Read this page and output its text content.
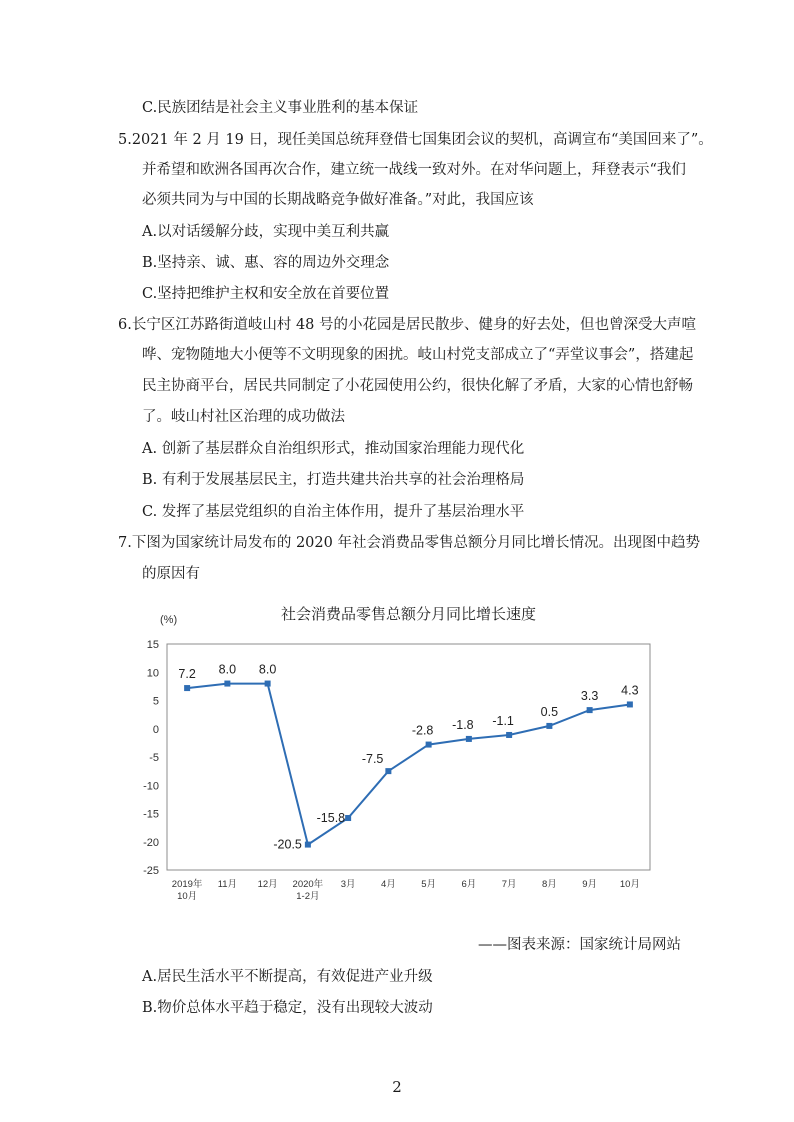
C.民族团结是社会主义事业胜利的基本保证
5.2021 年 2 月 19 日，现任美国总统拜登借七国集团会议的契机，高调宣布“美国回来了”。
并希望和欧洲各国再次合作，建立统一战线一致对外。在对华问题上，拜登表示“我们
必须共同为与中国的长期战略竞争做好准备。”对此，我国应该
A.以对话缓解分歧，实现中美互利共赢
B.坚持亲、诚、惠、容的周边外交理念
C.坚持把维护主权和安全放在首要位置
6.长宁区江苏路街道岐山村 48 号的小花园是居民散步、健身的好去处，但也曾深受大声喧
哗、宠物随地大小便等不文明现象的困扰。岐山村党支部成立了“弄堂议事会”，搭建起
民主协商平台，居民共同制定了小花园使用公约，很快化解了矛盾，大家的心情也舒畅
了。岐山村社区治理的成功做法
A. 创新了基层群众自治组织形式，推动国家治理能力现代化
B. 有利于发展基层民主，打造共建共治共享的社会治理格局
C. 发挥了基层党组织的自治主体作用，提升了基层治理水平
7.下图为国家统计局发布的 2020 年社会消费品零售总额分月同比增长情况。出现图中趋势
的原因有
社会消费品零售总额分月同比增长速度
(%)
15
10
5
0
-5
-10
-15
-20
-25
2019年
10月
11月 12月 2020年
1-2月
3月	4月	5月	6月	7月	8月	9月 10月
7.2 8.0 8.0
-20.5
-15.8
-7.5
-2.8 -1.8 -1.1
0.5
3.3 4.3
——图表来源：国家统计局网站
A.居民生活水平不断提高，有效促进产业升级
B.物价总体水平趋于稳定，没有出现较大波动
2
